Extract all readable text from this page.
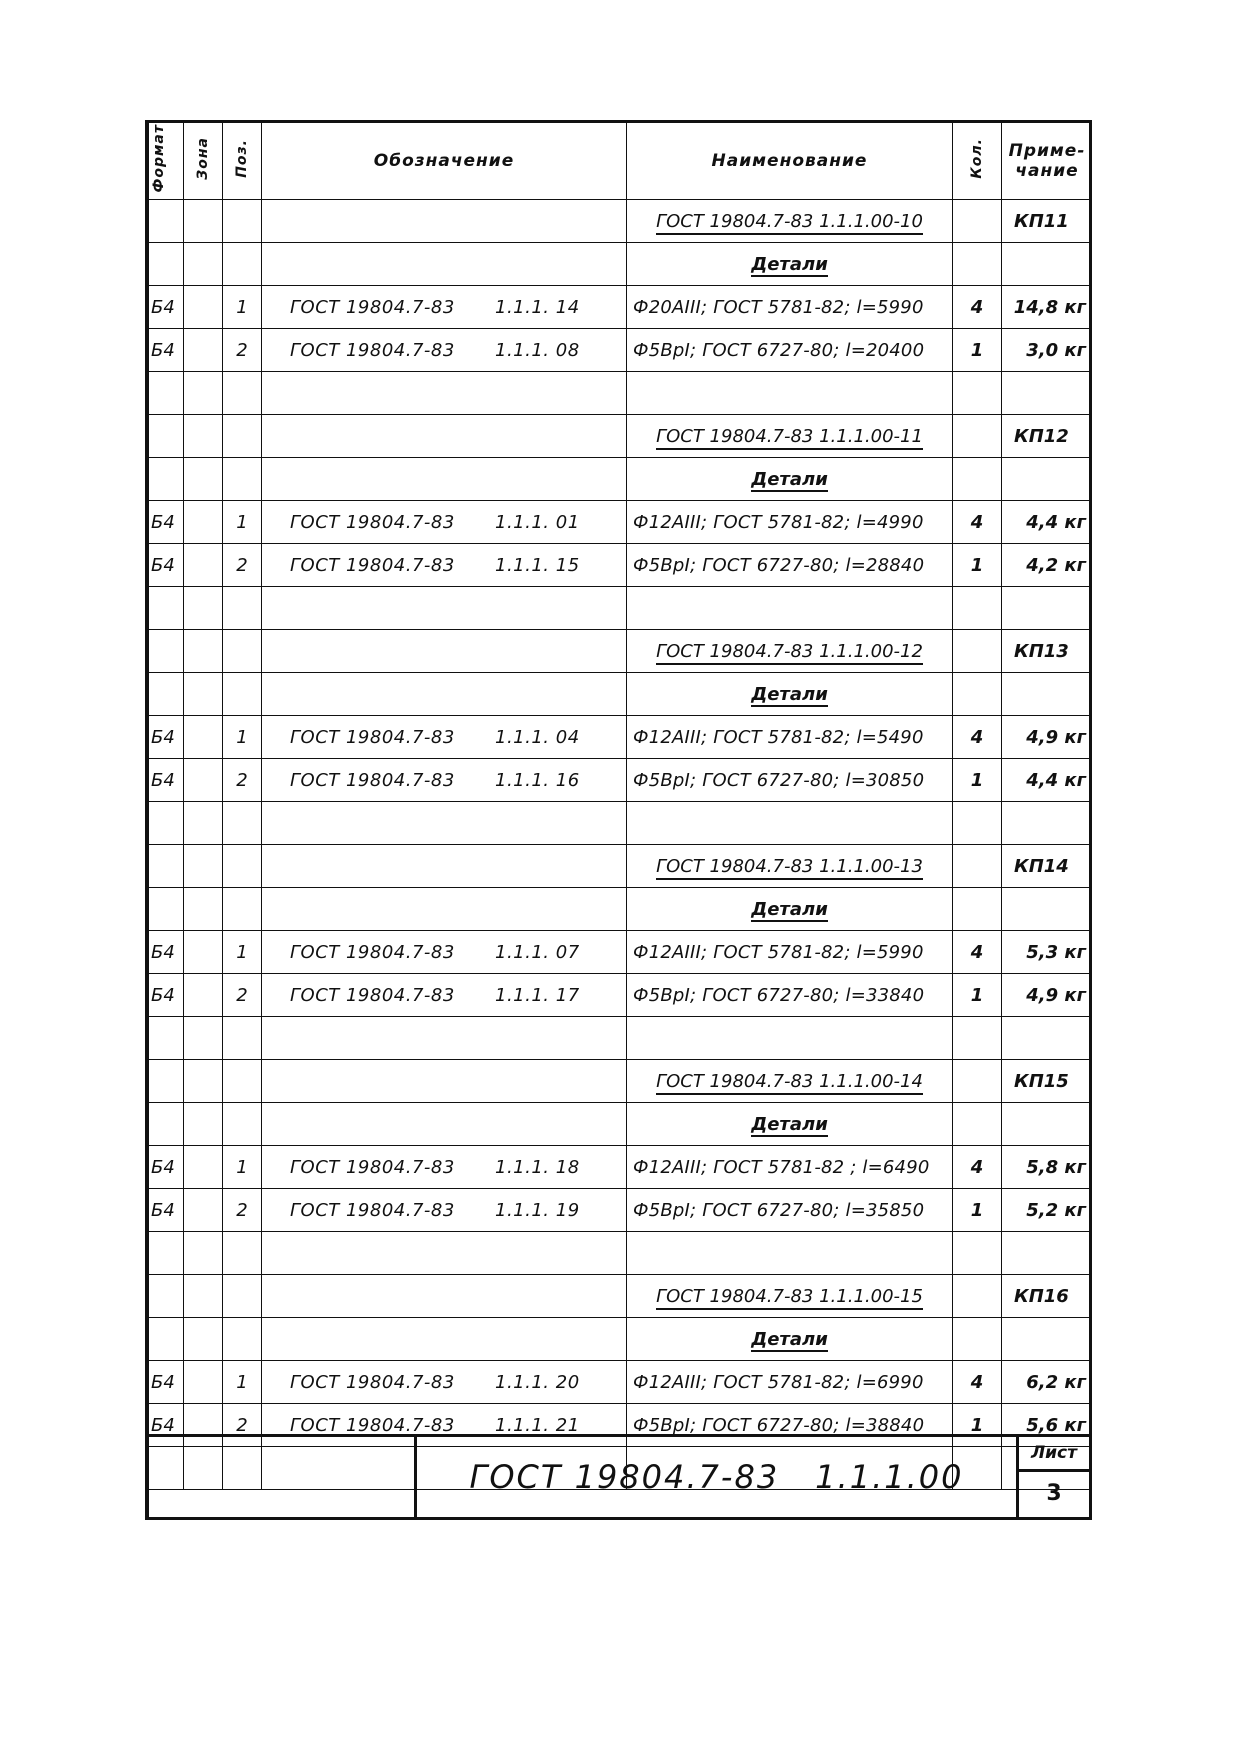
Формат	Зона	Поз.	Обозначение	Наименование	Кол.	Приме-чание
				ГОСТ 19804.7-83 1.1.1.00-10		КП11
				Детали		
Б4		1	ГОСТ 19804.7-83 1.1.1. 14	Ф20АIII; ГОСТ 5781-82; l=5990	4	14,8 кг
Б4		2	ГОСТ 19804.7-83 1.1.1. 08	Ф5ВрI; ГОСТ 6727-80; l=20400	1	3,0 кг

				ГОСТ 19804.7-83 1.1.1.00-11		КП12
				Детали		
Б4		1	ГОСТ 19804.7-83 1.1.1. 01	Ф12АIII; ГОСТ 5781-82; l=4990	4	4,4 кг
Б4		2	ГОСТ 19804.7-83 1.1.1. 15	Ф5ВрI; ГОСТ 6727-80; l=28840	1	4,2 кг

				ГОСТ 19804.7-83 1.1.1.00-12		КП13
				Детали		
Б4		1	ГОСТ 19804.7-83 1.1.1. 04	Ф12АIII; ГОСТ 5781-82; l=5490	4	4,9 кг
Б4		2	ГОСТ 19804.7-83 1.1.1. 16	Ф5ВрI; ГОСТ 6727-80; l=30850	1	4,4 кг

				ГОСТ 19804.7-83 1.1.1.00-13		КП14
				Детали		
Б4		1	ГОСТ 19804.7-83 1.1.1. 07	Ф12АIII; ГОСТ 5781-82; l=5990	4	5,3 кг
Б4		2	ГОСТ 19804.7-83 1.1.1. 17	Ф5ВрI; ГОСТ 6727-80; l=33840	1	4,9 кг

				ГОСТ 19804.7-83 1.1.1.00-14		КП15
				Детали		
Б4		1	ГОСТ 19804.7-83 1.1.1. 18	Ф12АIII; ГОСТ 5781-82 ; l=6490	4	5,8 кг
Б4		2	ГОСТ 19804.7-83 1.1.1. 19	Ф5ВрI; ГОСТ 6727-80; l=35850	1	5,2 кг

				ГОСТ 19804.7-83 1.1.1.00-15		КП16
				Детали		
Б4		1	ГОСТ 19804.7-83 1.1.1. 20	Ф12АIII; ГОСТ 5781-82; l=6990	4	6,2 кг
Б4		2	ГОСТ 19804.7-83 1.1.1. 21	Ф5ВрI; ГОСТ 6727-80; l=38840	1	5,6 кг

ГОСТ 19804.7-83 1.1.1.00
Лист
3
